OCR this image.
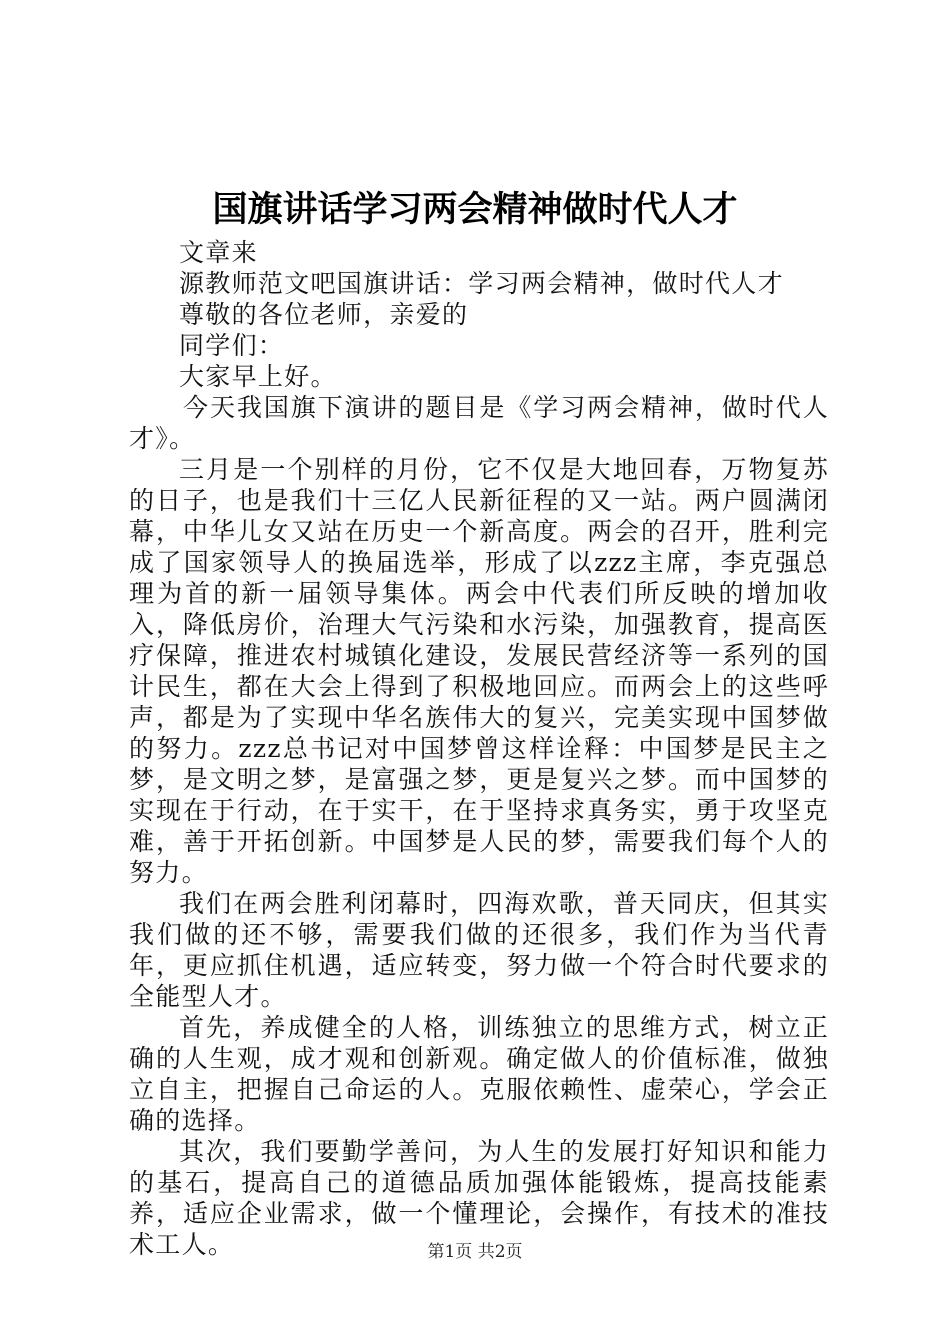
国旗讲话学习两会精神做时代人才

文章来

源教师范文吧国旗讲话：学习两会精神，做时代人才

尊敬的各位老师，亲爱的

同学们：

大家早上好。

今天我国旗下演讲的题目是《学习两会精神，做时代人才》。

三月是一个别样的月份，它不仅是大地回春，万物复苏的日子，也是我们十三亿人民新征程的又一站。两户圆满闭幕，中华儿女又站在历史一个新高度。两会的召开，胜利完成了国家领导人的换届选举，形成了以zzz主席，李克强总理为首的新一届领导集体。两会中代表们所反映的增加收入，降低房价，治理大气污染和水污染，加强教育，提高医疗保障，推进农村城镇化建设，发展民营经济等一系列的国计民生，都在大会上得到了积极地回应。而两会上的这些呼声，都是为了实现中华名族伟大的复兴，完美实现中国梦做的努力。zzz总书记对中国梦曾这样诠释：中国梦是民主之梦，是文明之梦，是富强之梦，更是复兴之梦。而中国梦的实现在于行动，在于实干，在于坚持求真务实，勇于攻坚克难，善于开拓创新。中国梦是人民的梦，需要我们每个人的努力。

我们在两会胜利闭幕时，四海欢歌，普天同庆，但其实我们做的还不够，需要我们做的还很多，我们作为当代青年，更应抓住机遇，适应转变，努力做一个符合时代要求的全能型人才。

首先，养成健全的人格，训练独立的思维方式，树立正确的人生观，成才观和创新观。确定做人的价值标准，做独立自主，把握自己命运的人。克服依赖性、虚荣心，学会正确的选择。

其次，我们要勤学善问，为人生的发展打好知识和能力的基石，提高自己的道德品质加强体能锻炼，提高技能素养，适应企业需求，做一个懂理论，会操作，有技术的准技术工人。	第1页 共2页
